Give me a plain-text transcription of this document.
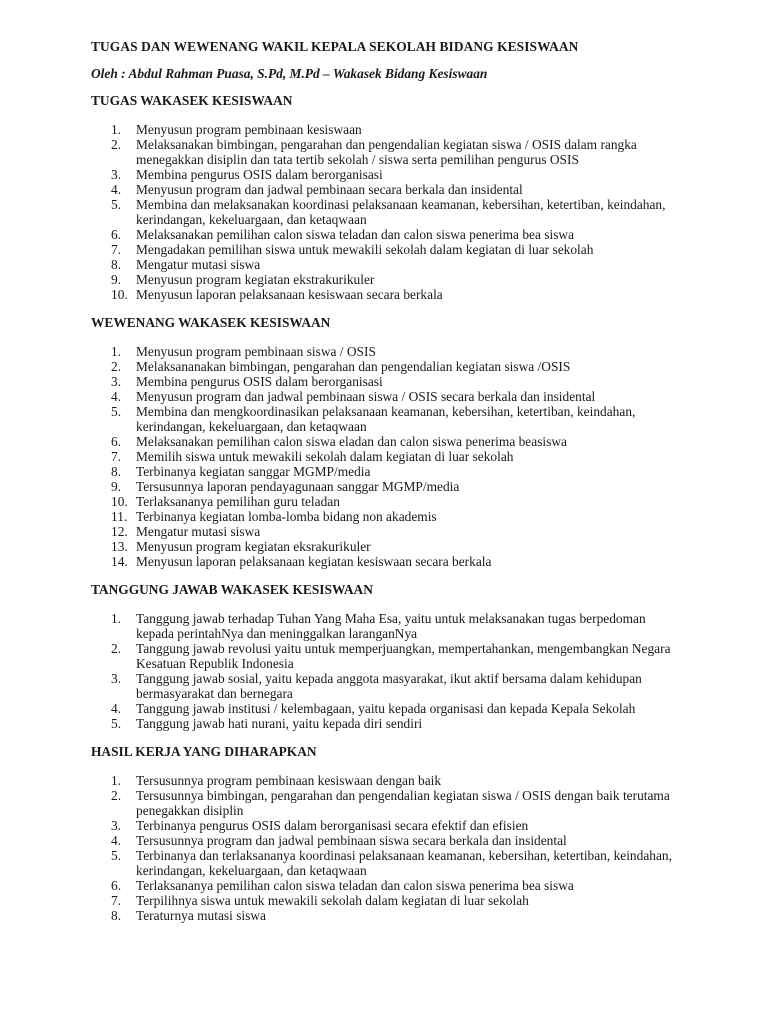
TUGAS DAN WEWENANG WAKIL KEPALA SEKOLAH BIDANG KESISWAAN
Oleh : Abdul Rahman Puasa, S.Pd, M.Pd – Wakasek Bidang Kesiswaan
TUGAS WAKASEK KESISWAAN
1.	Menyusun program pembinaan kesiswaan
2.	Melaksanakan bimbingan, pengarahan dan pengendalian kegiatan siswa / OSIS dalam rangka menegakkan disiplin dan tata tertib sekolah / siswa serta pemilihan pengurus OSIS
3.	Membina pengurus OSIS dalam berorganisasi
4.	Menyusun program dan jadwal pembinaan secara berkala dan insidental
5.	Membina dan melaksanakan koordinasi pelaksanaan keamanan, kebersihan, ketertiban, keindahan, kerindangan, kekeluargaan, dan ketaqwaan
6.	Melaksanakan pemilihan calon siswa teladan dan calon siswa penerima bea siswa
7.	Mengadakan pemilihan siswa untuk mewakili sekolah dalam kegiatan di luar sekolah
8.	Mengatur mutasi siswa
9.	Menyusun program kegiatan ekstrakurikuler
10. Menyusun laporan pelaksanaan kesiswaan secara berkala
WEWENANG WAKASEK KESISWAAN
1.	Menyusun program pembinaan siswa / OSIS
2.	Melaksananakan bimbingan, pengarahan dan pengendalian kegiatan siswa /OSIS
3.	Membina pengurus OSIS dalam berorganisasi
4.	Menyusun program dan jadwal pembinaan siswa / OSIS secara berkala dan insidental
5.	Membina dan mengkoordinasikan pelaksanaan keamanan, kebersihan, ketertiban, keindahan, kerindangan, kekeluargaan, dan ketaqwaan
6.	Melaksanakan pemilihan calon siswa eladan dan calon siswa penerima beasiswa
7.	Memilih siswa untuk mewakili sekolah dalam kegiatan di luar sekolah
8.	Terbinanya kegiatan sanggar MGMP/media
9.	Tersusunnya laporan pendayagunaan sanggar MGMP/media
10. Terlaksananya pemilihan guru teladan
11. Terbinanya kegiatan lomba-lomba bidang non akademis
12. Mengatur mutasi siswa
13. Menyusun program kegiatan eksrakurikuler
14. Menyusun laporan pelaksanaan kegiatan kesiswaan secara berkala
TANGGUNG JAWAB WAKASEK KESISWAAN
1.	Tanggung jawab terhadap Tuhan Yang Maha Esa, yaitu untuk melaksanakan tugas berpedoman kepada perintahNya dan meninggalkan laranganNya
2.	Tanggung jawab revolusi yaitu untuk memperjuangkan, mempertahankan, mengembangkan Negara Kesatuan Republik Indonesia
3.	Tanggung jawab sosial, yaitu kepada anggota masyarakat, ikut aktif bersama dalam kehidupan bermasyarakat dan bernegara
4.	Tanggung jawab institusi / kelembagaan, yaitu kepada organisasi dan kepada Kepala Sekolah
5.	Tanggung jawab hati nurani, yaitu kepada diri sendiri
HASIL KERJA YANG DIHARAPKAN
1.	Tersusunnya program pembinaan kesiswaan dengan baik
2.	Tersusunnya bimbingan, pengarahan dan pengendalian kegiatan siswa / OSIS dengan baik terutama penegakkan disiplin
3.	Terbinanya pengurus OSIS dalam berorganisasi secara efektif dan efisien
4.	Tersusunnya program dan jadwal pembinaan siswa secara berkala dan insidental
5.	Terbinanya dan terlaksananya koordinasi pelaksanaan keamanan, kebersihan, ketertiban, keindahan, kerindangan, kekeluargaan, dan ketaqwaan
6.	Terlaksananya pemilihan calon siswa teladan dan calon siswa penerima bea siswa
7.	Terpilihnya siswa untuk mewakili sekolah dalam kegiatan di luar sekolah
8.	Teraturnya mutasi siswa
